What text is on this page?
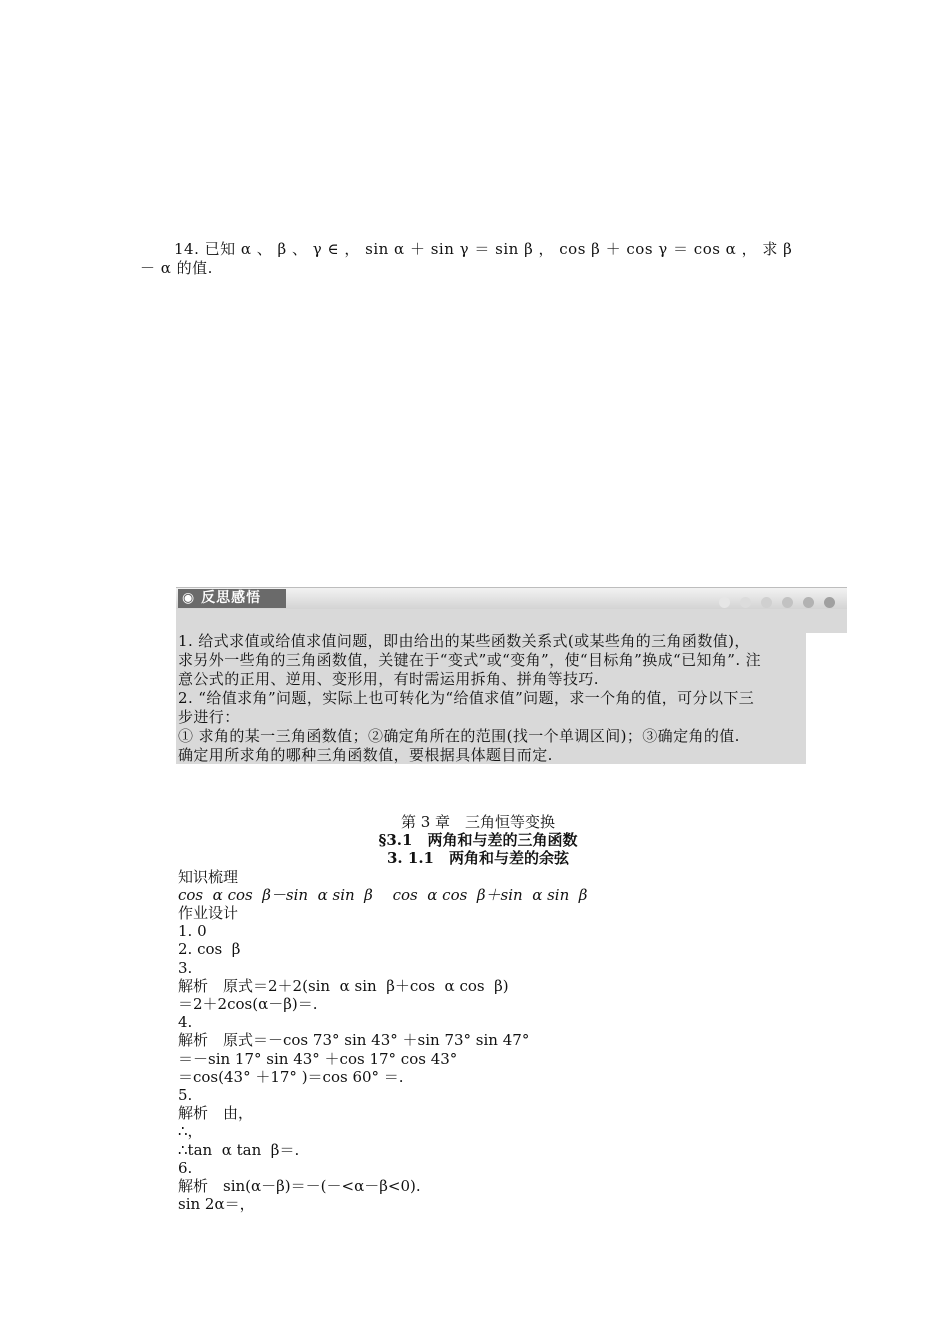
14. 已知 α 、 β 、 γ ∈ ， sin α ＋ sin γ ＝ sin β ， cos β ＋ cos γ ＝ cos α ， 求 β
－ α 的值.
◉ 反思感悟

1. 给式求值或给值求值问题，即由给出的某些函数关系式(或某些角的三角函数值)，

求另外一些角的三角函数值，关键在于“变式”或“变角”，使“目标角”换成“已知角”. 注

意公式的正用、逆用、变形用，有时需运用拆角、拼角等技巧.

2. “给值求角”问题，实际上也可转化为“给值求值”问题，求一个角的值，可分以下三

步进行：

① 求角的某一三角函数值；②确定角所在的范围(找一个单调区间)；③确定角的值.

确定用所求角的哪种三角函数值，要根据具体题目而定.

第 3 章　三角恒等变换
§3.1　两角和与差的三角函数
3. 1.1　两角和与差的余弦
知识梳理
cos  α cos  β－sin  α sin  β　 cos  α cos  β＋sin  α sin  β
作业设计
1. 0
2. cos  β
3.
解析　原式＝2＋2(sin  α sin  β＋cos  α cos  β)
＝2＋2cos(α－β)＝.
4.
解析　原式＝－cos 73° sin 43° ＋sin 73° sin 47°
＝－sin 17° sin 43° ＋cos 17° cos 43°
＝cos(43° ＋17° )＝cos 60° ＝.
5.
解析　由，
∴，
∴tan  α tan  β＝.
6.
解析　sin(α－β)＝－(－<α－β<0).
sin 2α＝，
